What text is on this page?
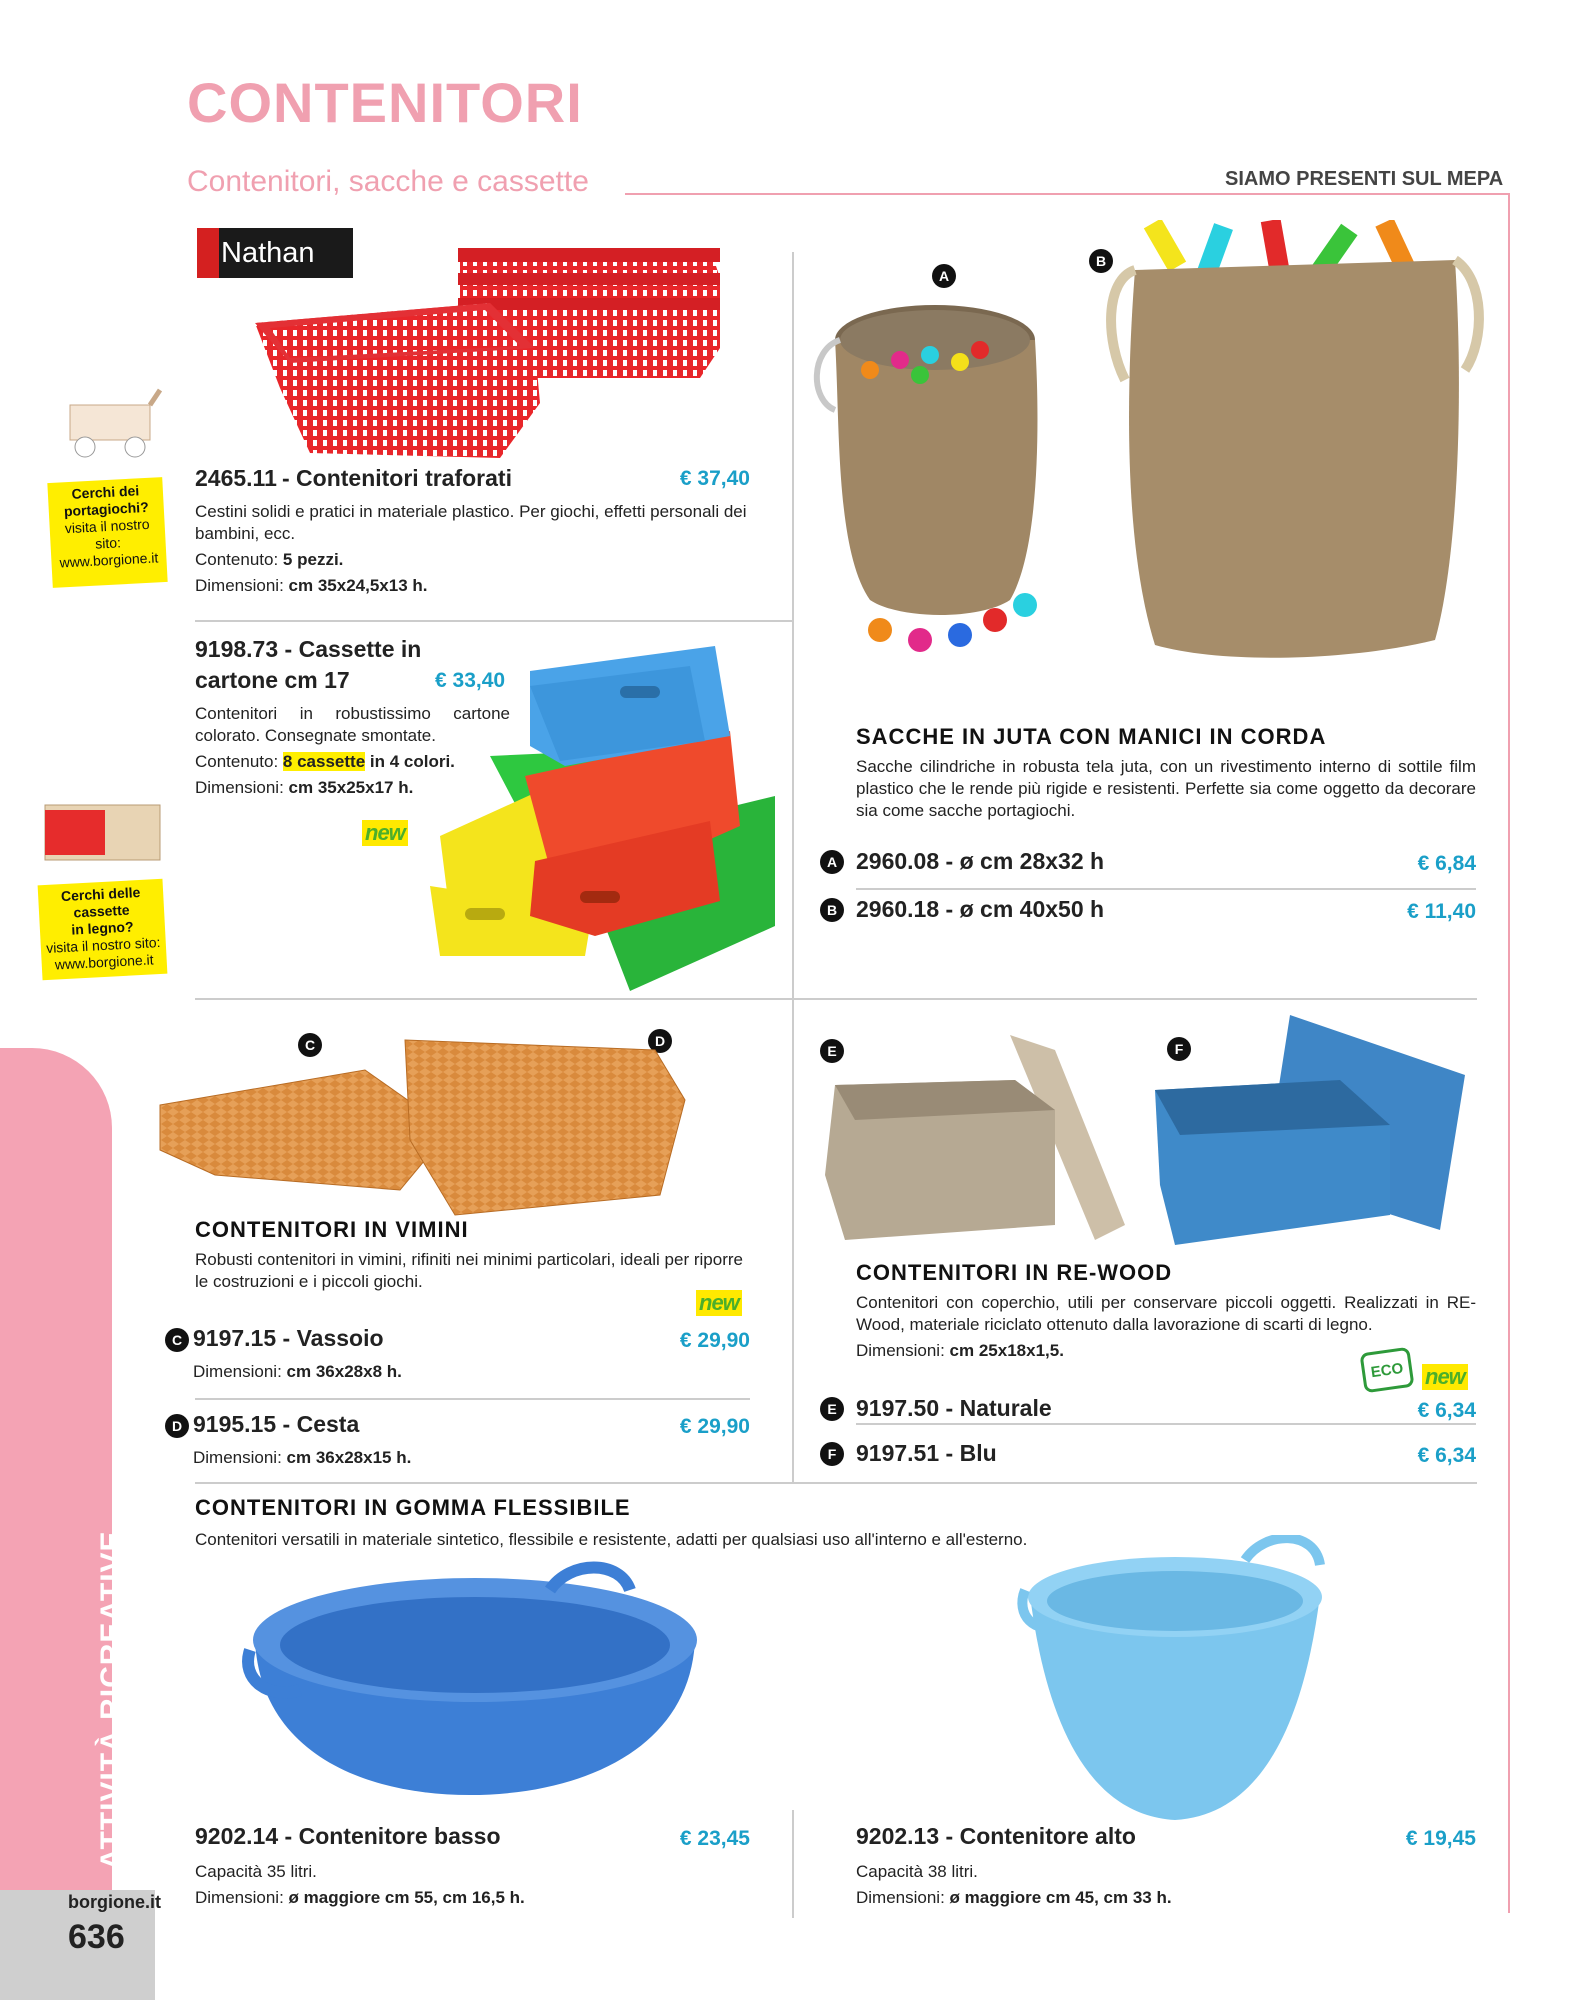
CONTENITORI
Contenitori, sacche e cassette	SIAMO PRESENTI SUL MEPA
Nathan
Cerchi dei
portagiochi?
visita il nostro sito:
www.borgione.it
2465.11 - Contenitori traforati	€ 37,40
Cestini solidi e pratici in materiale plastico. Per giochi, effetti personali dei bambini, ecc.
Contenuto: 5 pezzi.
Dimensioni: cm 35x24,5x13 h.
9198.73 - Cassette in
cartone cm 17	€ 33,40
Contenitori in robustissimo cartone colorato. Consegnate smontate.
Contenuto: 8 cassette in 4 colori.
Dimensioni: cm 35x25x17 h.
new
Cerchi delle cassette
in legno?
visita il nostro sito:
www.borgione.it
A
B
SACCHE IN JUTA CON MANICI IN CORDA
Sacche cilindriche in robusta tela juta, con un rivestimento interno di sottile film plastico che le rende più rigide e resistenti. Perfette sia come oggetto da decorare sia come sacche portagiochi.
A 2960.08 - ø cm 28x32 h	€ 6,84
B 2960.18 - ø cm 40x50 h	€ 11,40
C	D
CONTENITORI IN VIMINI
Robusti contenitori in vimini, rifiniti nei minimi particolari, ideali per riporre le costruzioni e i piccoli giochi.
new
C 9197.15 - Vassoio	€ 29,90
Dimensioni: cm 36x28x8 h.
D 9195.15 - Cesta	€ 29,90
Dimensioni: cm 36x28x15 h.
E	F
CONTENITORI IN RE-WOOD
Contenitori con coperchio, utili per conservare piccoli oggetti. Realizzati in RE-Wood, materiale riciclato ottenuto dalla lavorazione di scarti di legno.
Dimensioni: cm 25x18x1,5.
ECO new
E 9197.50 - Naturale	€ 6,34
F 9197.51 - Blu	€ 6,34
CONTENITORI IN GOMMA FLESSIBILE
Contenitori versatili in materiale sintetico, flessibile e resistente, adatti per qualsiasi uso all'interno e all'esterno.
9202.14 - Contenitore basso	€ 23,45
Capacità 35 litri.
Dimensioni: ø maggiore cm 55, cm 16,5 h.
9202.13 - Contenitore alto	€ 19,45
Capacità 38 litri.
Dimensioni: ø maggiore cm 45, cm 33 h.
ATTIVITÀ RICREATIVE
CONTENITORI
borgione.it
636
